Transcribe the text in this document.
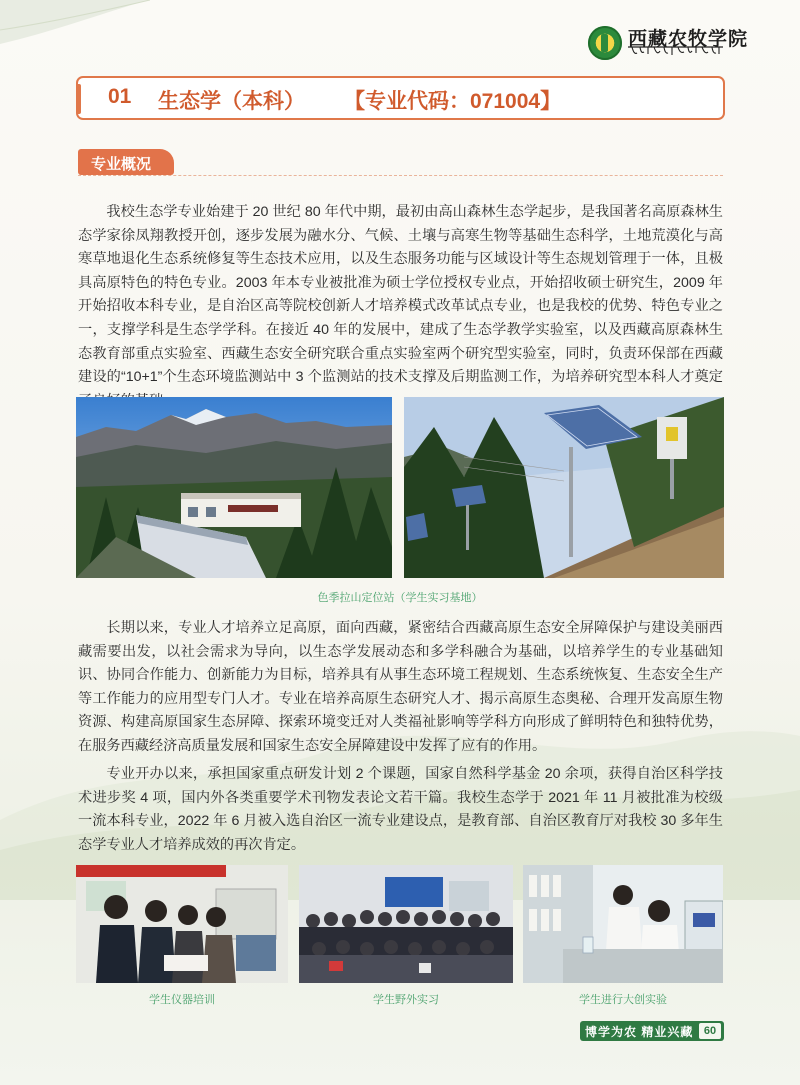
西藏农牧学院
01 生态学（本科） 【专业代码：071004】
专业概况

我校生态学专业始建于 20 世纪 80 年代中期，最初由高山森林生态学起步，是我国著名高原森林生态学家徐凤翔教授开创，逐步发展为融水分、气候、土壤与高寒生物等基础生态科学，土地荒漠化与高寒草地退化生态系统修复等生态技术应用，以及生态服务功能与区域设计等生态规划管理于一体，且极具高原特色的特色专业。2003 年本专业被批准为硕士学位授权专业点，开始招收硕士研究生，2009 年开始招收本科专业，是自治区高等院校创新人才培养模式改革试点专业，也是我校的优势、特色专业之一，支撑学科是生态学学科。在接近 40 年的发展中，建成了生态学教学实验室，以及西藏高原森林生态教育部重点实验室、西藏生态安全研究联合重点实验室两个研究型实验室，同时，负责环保部在西藏建设的“10+1”个生态环境监测站中 3 个监测站的技术支撑及后期监测工作，为培养研究型本科人才奠定

色季拉山定位站（学生实习基地）

长期以来，专业人才培养立足高原，面向西藏，紧密结合西藏高原生态安全屏障保护与建设美丽西藏需要出发，以社会需求为导向，以生态学发展动态和多学科融合为基础，以培养学生的专业基础知识、协同合作能力、创新能力为目标，培养具有从事生态环境工程规划、生态系统恢复、生态安全生产等工作能力的应用型专门人才。专业在培养高原生态研究人才、揭示高原生态奥秘、合理开发高原生物资源、构建高原国家生态屏障、探索环境变迁对人类福祉影响等学科方向形成了鲜明特色和独特优势，在服务西藏经济高质量发展和国家生态安全屏障建设中发挥了应有的作用。

专业开办以来，承担国家重点研发计划 2 个课题，国家自然科学基金 20 余项，获得自治区科学技术进步奖 4 项，国内外各类重要学术刊物发表论文若干篇。我校生态学于 2021 年 11 月被批准为校级一流本科专业，2022 年 6 月被入选自治区一流专业建设点，是教育部、自治区教育厅对我校 30 多年生态学专业人才培养成效的再次肯定。

学生仪器培训	学生野外实习	学生进行大创实验
博学为农 精业兴藏 60
